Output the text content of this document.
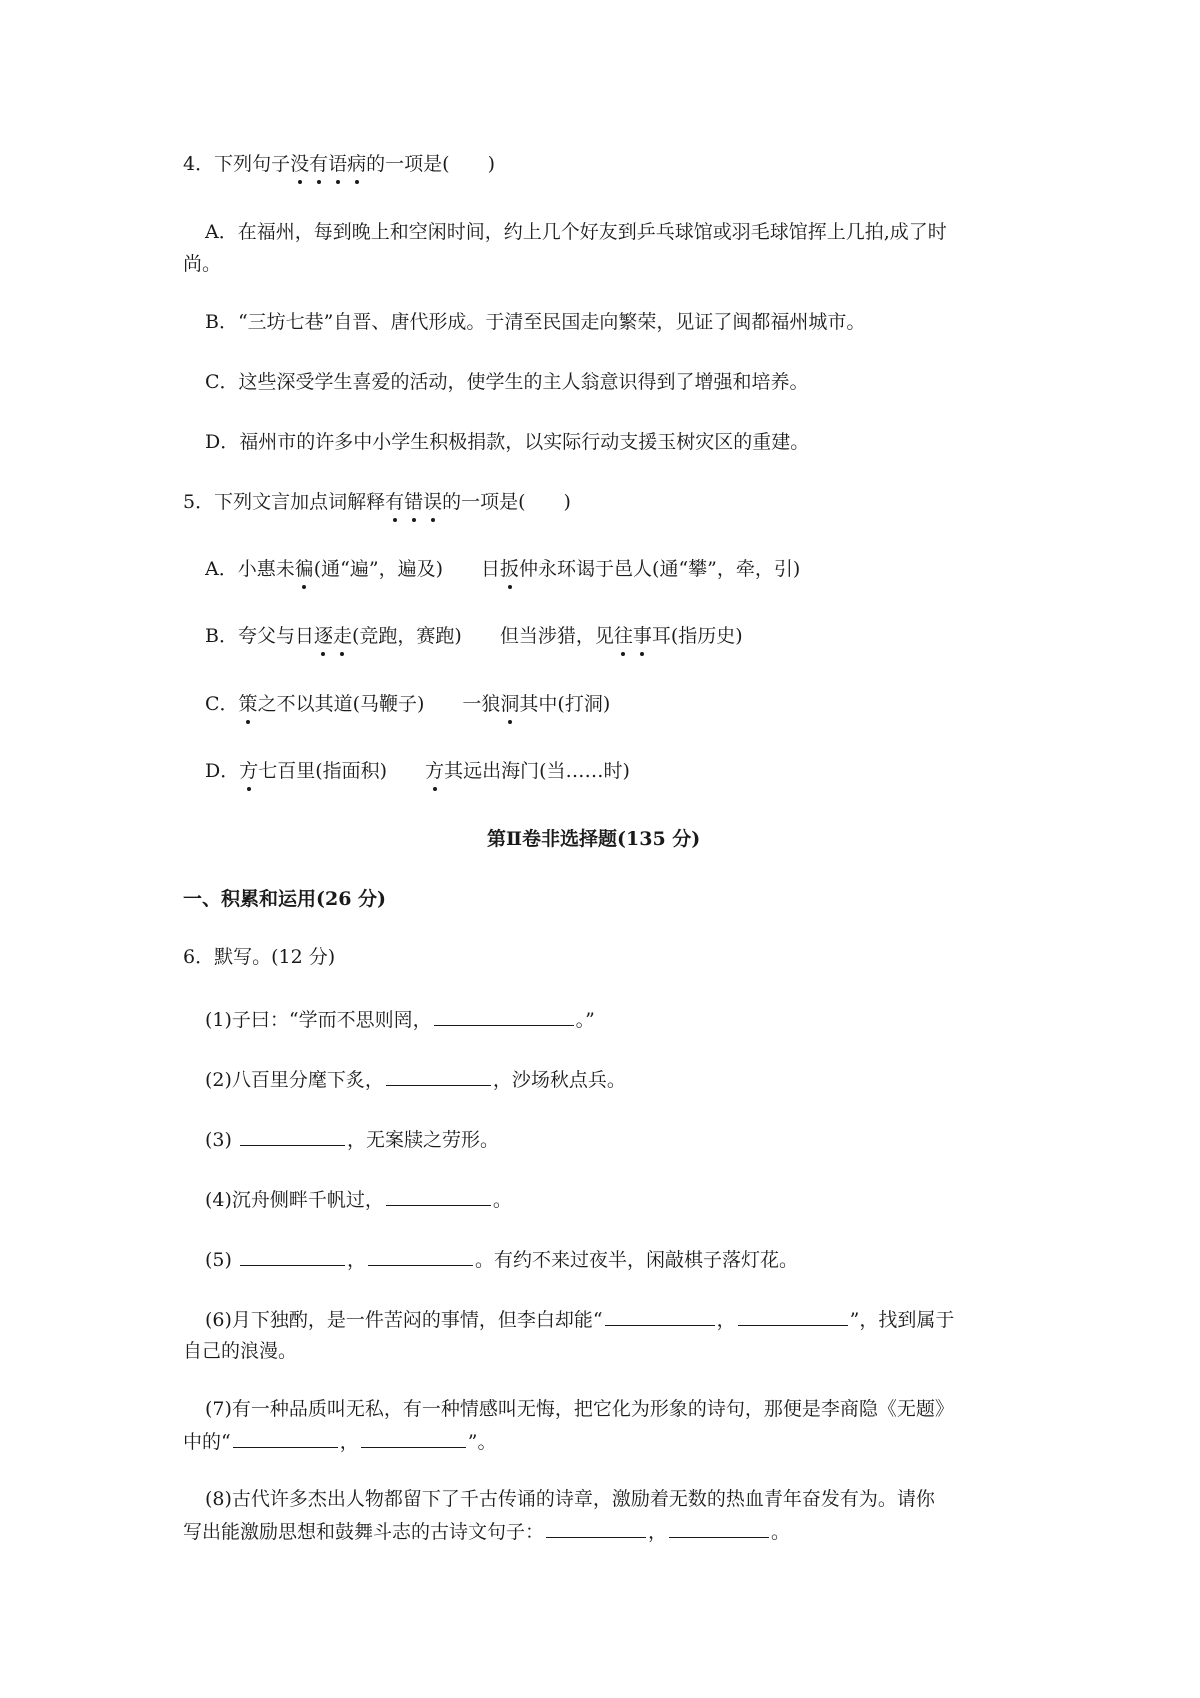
4．下列句子没有语病的一项是(　　)
A．在福州，每到晚上和空闲时间，约上几个好友到乒乓球馆或羽毛球馆挥上几拍,成了时
尚。
B．“三坊七巷”自晋、唐代形成。于清至民国走向繁荣，见证了闽都福州城市。
C．这些深受学生喜爱的活动，使学生的主人翁意识得到了增强和培养。
D．福州市的许多中小学生积极捐款，以实际行动支援玉树灾区的重建。
5．下列文言加点词解释有错误的一项是(　　)
A．小惠未徧(通“遍”，遍及)　　日扳仲永环谒于邑人(通“攀”，牵，引)
B．夸父与日逐走(竞跑，赛跑)　　但当涉猎，见往事耳(指历史)
C．策之不以其道(马鞭子)　　一狼洞其中(打洞)
D．方七百里(指面积)　　方其远出海门(当……时)
第Ⅱ卷非选择题(135 分)
一、积累和运用(26 分)
6．默写。(12 分)
(1)子曰：“学而不思则罔，	。”
(2)八百里分麾下炙，	，沙场秋点兵。
(3)	，无案牍之劳形。
(4)沉舟侧畔千帆过，	。
(5)	，	。有约不来过夜半，闲敲棋子落灯花。
(6)月下独酌，是一件苦闷的事情，但李白却能“	，	”，找到属于
自己的浪漫。
(7)有一种品质叫无私，有一种情感叫无悔，把它化为形象的诗句，那便是李商隐《无题》
中的“	，	”。
(8)古代许多杰出人物都留下了千古传诵的诗章，激励着无数的热血青年奋发有为。请你
写出能激励思想和鼓舞斗志的古诗文句子：	，	。
